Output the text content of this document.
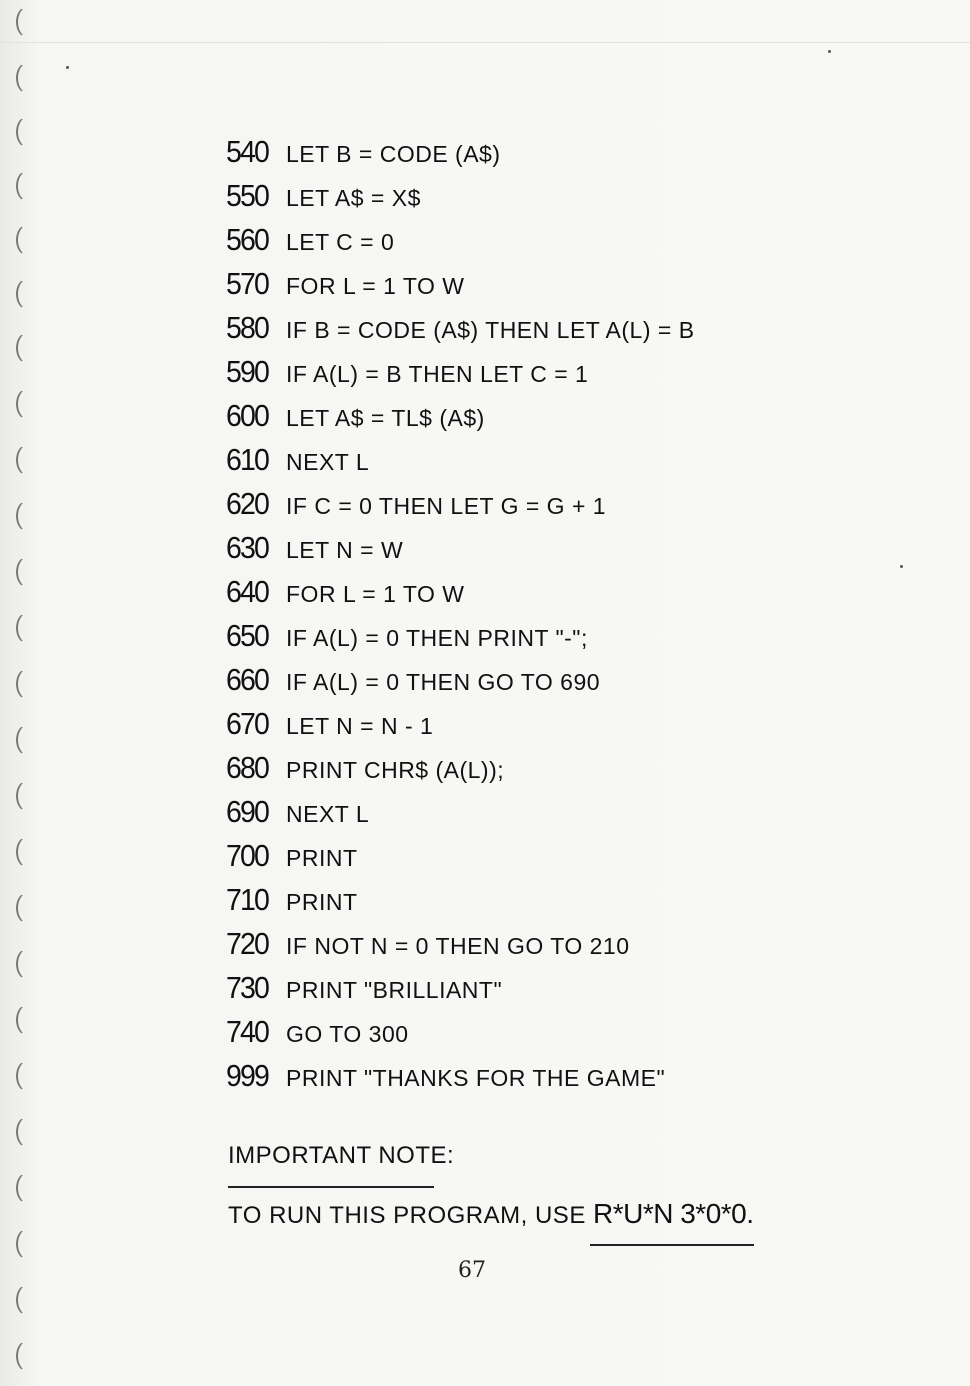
540 LET B = CODE (A$)
550 LET A$ = X$
560 LET C = 0
570 FOR L = 1 TO W
580 IF B = CODE (A$) THEN LET A(L) = B
590 IF A(L) = B THEN LET C = 1
600 LET A$ = TL$ (A$)
610 NEXT L
620 IF C = 0 THEN LET G = G + 1
630 LET N = W
640 FOR L = 1 TO W
650 IF A(L) = 0 THEN PRINT "-";
660 IF A(L) = 0 THEN GO TO 690
670 LET N = N - 1
680 PRINT CHR$ (A(L));
690 NEXT L
700 PRINT
710 PRINT
720 IF NOT N = 0 THEN GO TO 210
730 PRINT "BRILLIANT"
740 GO TO 300
999 PRINT "THANKS FOR THE GAME"
IMPORTANT NOTE:
TO RUN THIS PROGRAM, USE R*U*N 3*0*0.
67
